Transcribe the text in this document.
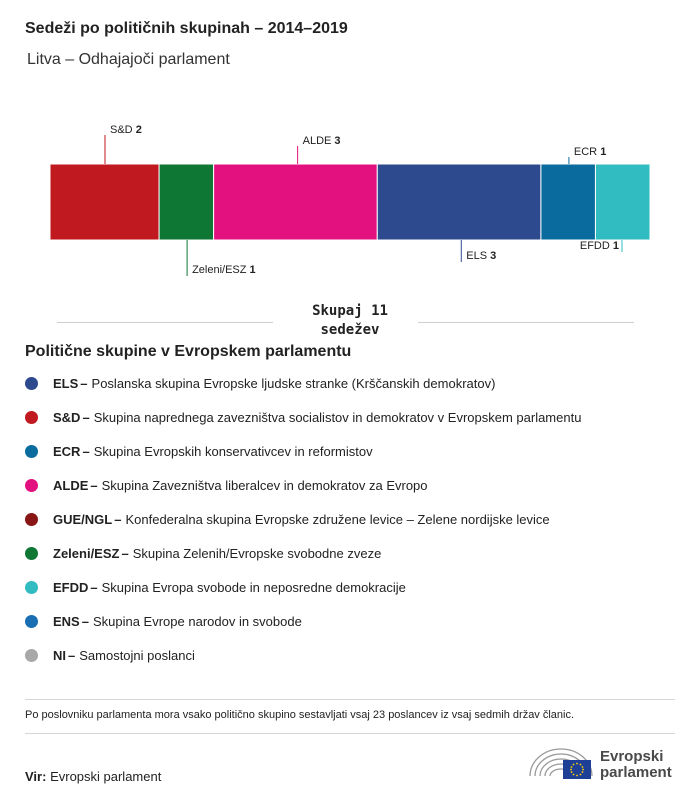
Sedeži po političnih skupinah – 2014–2019
Litva – Odhajajoči parlament
S&D 2
Zeleni/ESZ 1
ALDE 3
ELS 3
ECR 1
EFDD 1
Skupaj 11
sedežev
Politične skupine v Evropskem parlamentu
ELS – Poslanska skupina Evropske ljudske stranke (Krščanskih demokratov)
S&D – Skupina naprednega zavezništva socialistov in demokratov v Evropskem parlamentu
ECR – Skupina Evropskih konservativcev in reformistov
ALDE – Skupina Zavezništva liberalcev in demokratov za Evropo
GUE/NGL – Konfederalna skupina Evropske združene levice – Zelene nordijske levice
Zeleni/ESZ – Skupina Zelenih/Evropske svobodne zveze
EFDD – Skupina Evropa svobode in neposredne demokracije
ENS – Skupina Evrope narodov in svobode
NI – Samostojni poslanci
Po poslovniku parlamenta mora vsako politično skupino sestavljati vsaj 23 poslancev iz vsaj sedmih držav članic.
Vir: Evropski parlament
Evropski
parlament
